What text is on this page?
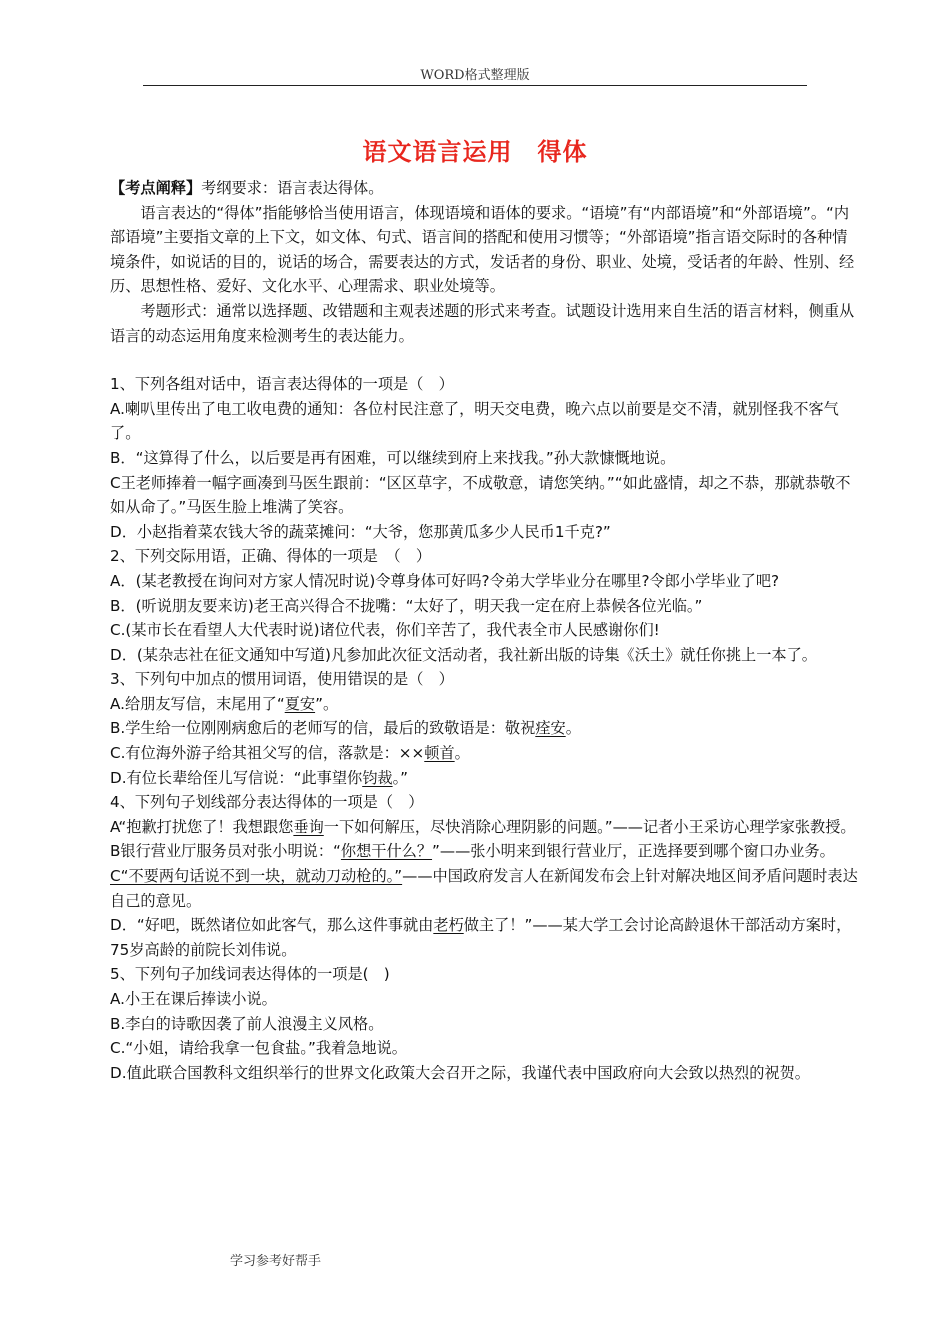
WORD格式整理版
语文语言运用　得体

【考点阐释】考纲要求：语言表达得体。

语言表达的“得体”指能够恰当使用语言，体现语境和语体的要求。“语境”有“内部语境”和“外部语境”。“内部语境”主要指文章的上下文，如文体、句式、语言间的搭配和使用习惯等；“外部语境”指言语交际时的各种情境条件，如说话的目的，说话的场合，需要表达的方式，发话者的身份、职业、处境，受话者的年龄、性别、经历、思想性格、爱好、文化水平、心理需求、职业处境等。

考题形式：通常以选择题、改错题和主观表述题的形式来考查。试题设计选用来自生活的语言材料，侧重从语言的动态运用角度来检测考生的表达能力。

1、下列各组对话中，语言表达得体的一项是（　）

A.喇叭里传出了电工收电费的通知：各位村民注意了，明天交电费，晚六点以前要是交不清，就别怪我不客气了。

B．“这算得了什么，以后要是再有困难，可以继续到府上来找我。”孙大款慷慨地说。

C王老师捧着一幅字画凑到马医生跟前：“区区草字，不成敬意，请您笑纳。”“如此盛情，却之不恭，那就恭敬不如从命了。”马医生脸上堆满了笑容。

D．小赵指着菜农钱大爷的蔬菜摊问：“大爷，您那黄瓜多少人民币1千克?”

2、下列交际用语，正确、得体的一项是　（　）

A．(某老教授在询问对方家人情况时说)令尊身体可好吗?令弟大学毕业分在哪里?令郎小学毕业了吧?

B．(听说朋友要来访)老王高兴得合不拢嘴：“太好了，明天我一定在府上恭候各位光临。”

C.(某市长在看望人大代表时说)诸位代表，你们辛苦了，我代表全市人民感谢你们!

D．(某杂志社在征文通知中写道)凡参加此次征文活动者，我社新出版的诗集《沃土》就任你挑上一本了。

3、下列句中加点的惯用词语，使用错误的是（　）

A.给朋友写信，末尾用了“夏安”。

B.学生给一位刚刚病愈后的老师写的信，最后的致敬语是：敬祝痊安。

C.有位海外游子给其祖父写的信，落款是：××顿首。

D.有位长辈给侄儿写信说：“此事望你钧裁。”

4、下列句子划线部分表达得体的一项是（　）

A“抱歉打扰您了！我想跟您垂询一下如何解压，尽快消除心理阴影的问题。”——记者小王采访心理学家张教授。

B银行营业厅服务员对张小明说：“你想干什么？”——张小明来到银行营业厅，正选择要到哪个窗口办业务。

C“不要两句话说不到一块，就动刀动枪的。”——中国政府发言人在新闻发布会上针对解决地区间矛盾问题时表达自己的意见。

D．“好吧，既然诸位如此客气，那么这件事就由老朽做主了！”——某大学工会讨论高龄退休干部活动方案时，75岁高龄的前院长刘伟说。

5、下列句子加线词表达得体的一项是(　)

A.小王在课后捧读小说。

B.李白的诗歌因袭了前人浪漫主义风格。

C.“小姐，请给我拿一包食盐。”我着急地说。

D.值此联合国教科文组织举行的世界文化政策大会召开之际，我谨代表中国政府向大会致以热烈的祝贺。

学习参考好帮手
